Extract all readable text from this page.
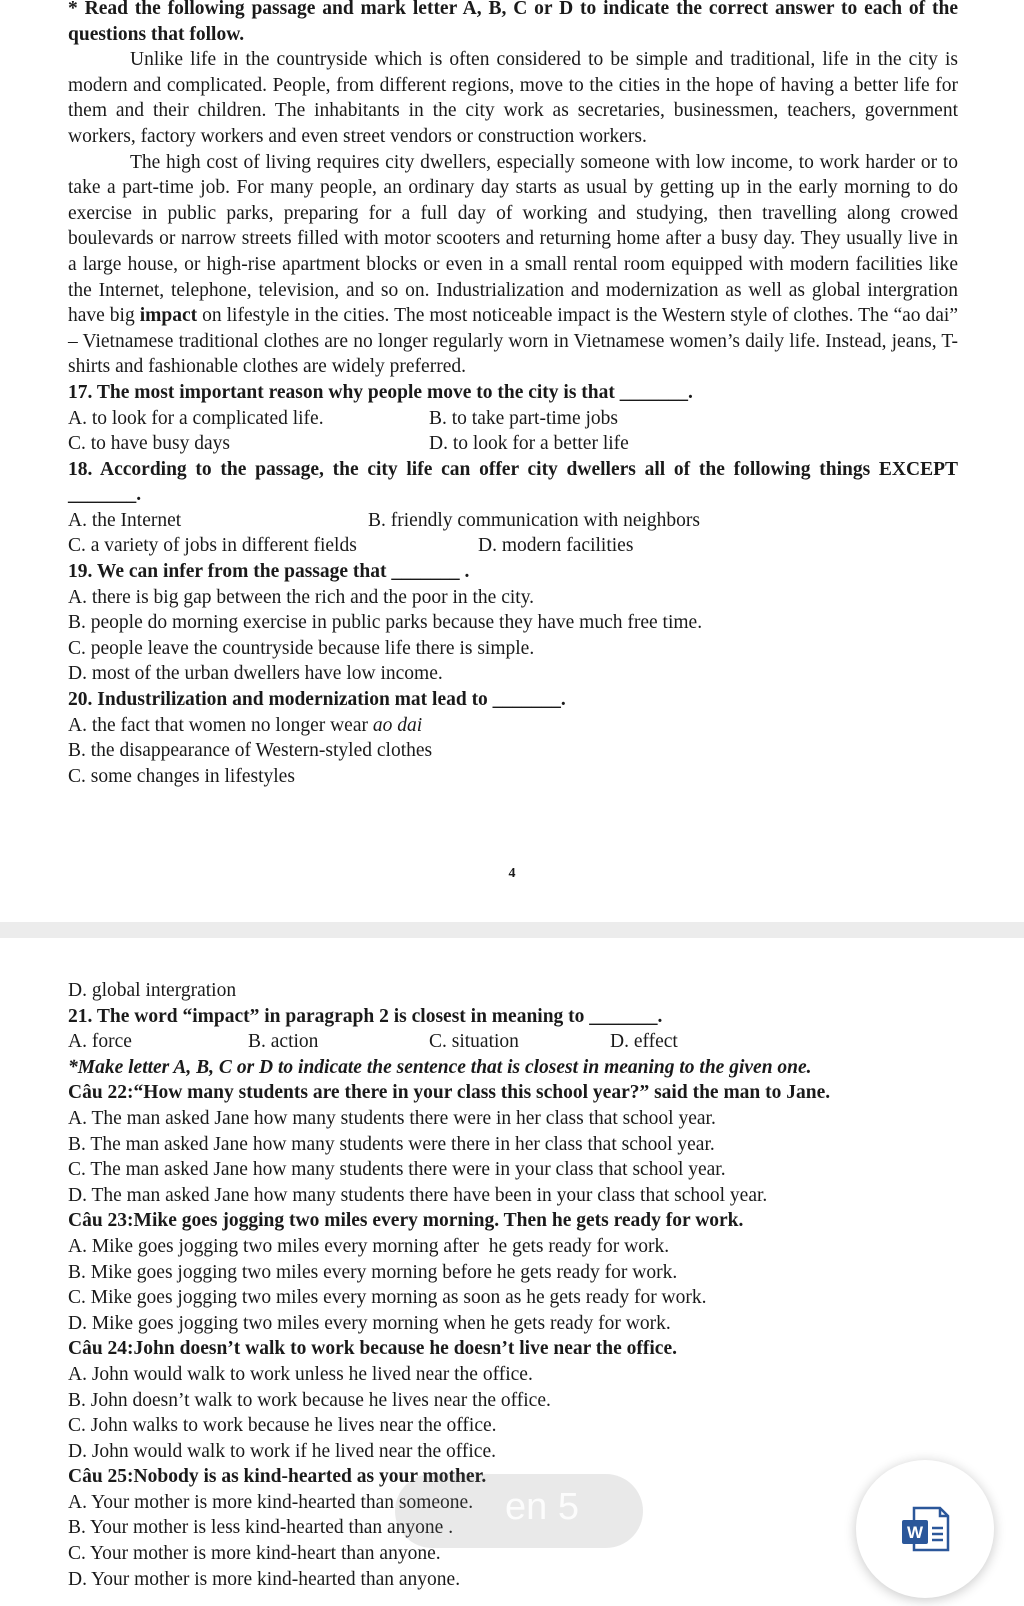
* Read the following passage and mark letter A, B, C or D to indicate the correct answer to each of the questions that follow.

Unlike life in the countryside which is often considered to be simple and traditional, life in the city is modern and complicated. People, from different regions, move to the cities in the hope of having a better life for them and their children. The inhabitants in the city work as secretaries, businessmen, teachers, government workers, factory workers and even street vendors or construction workers.

The high cost of living requires city dwellers, especially someone with low income, to work harder or to take a part-time job. For many people, an ordinary day starts as usual by getting up in the early morning to do exercise in public parks, preparing for a full day of working and studying, then travelling along crowed boulevards or narrow streets filled with motor scooters and returning home after a busy day. They usually live in a large house, or high-rise apartment blocks or even in a small rental room equipped with modern facilities like the Internet, telephone, television, and so on. Industrialization and modernization as well as global intergration have big impact on lifestyle in the cities. The most noticeable impact is the Western style of clothes. The “ao dai” – Vietnamese traditional clothes are no longer regularly worn in Vietnamese women’s daily life. Instead, jeans, T-shirts and fashionable clothes are widely preferred.

17. The most important reason why people move to the city is that _______.

A. to look for a complicated life.	B. to take part-time jobs
C. to have busy days	D. to look for a better life

18. According to the passage, the city life can offer city dwellers all of the following things EXCEPT _______.

A. the Internet	B. friendly communication with neighbors
C. a variety of jobs in different fields	D. modern facilities

19. We can infer from the passage that _______ .

A. there is big gap between the rich and the poor in the city.

B. people do morning exercise in public parks because they have much free time.

C. people leave the countryside because life there is simple.

D. most of the urban dwellers have low income.

20. Industrilization and modernization mat lead to _______.

A. the fact that women no longer wear ao dai

B. the disappearance of Western-styled clothes

C. some changes in lifestyles

4

D. global intergration

21. The word “impact” in paragraph 2 is closest in meaning to _______.

A. force	B. action	C. situation	D. effect

*Make letter A, B, C or D to indicate the sentence that is closest in meaning to the given one.

Câu 22:“How many students are there in your class this school year?” said the man to Jane.

A. The man asked Jane how many students there were in her class that school year.

B. The man asked Jane how many students were there in her class that school year.

C. The man asked Jane how many students there were in your class that school year.

D. The man asked Jane how many students there have been in your class that school year.

Câu 23:Mike goes jogging two miles every morning. Then he gets ready for work.

A. Mike goes jogging two miles every morning after  he gets ready for work.

B. Mike goes jogging two miles every morning before he gets ready for work.

C. Mike goes jogging two miles every morning as soon as he gets ready for work.

D. Mike goes jogging two miles every morning when he gets ready for work.

Câu 24:John doesn’t walk to work because he doesn’t live near the office.

A. John would walk to work unless he lived near the office.

B. John doesn’t walk to work because he lives near the office.

C. John walks to work because he lives near the office.

D. John would walk to work if he lived near the office.

Câu 25:Nobody is as kind-hearted as your mother.

A. Your mother is more kind-hearted than someone.

B. Your mother is less kind-hearted than anyone .

C. Your mother is more kind-heart than anyone.

D. Your mother is more kind-hearted than anyone.

en 5
W
